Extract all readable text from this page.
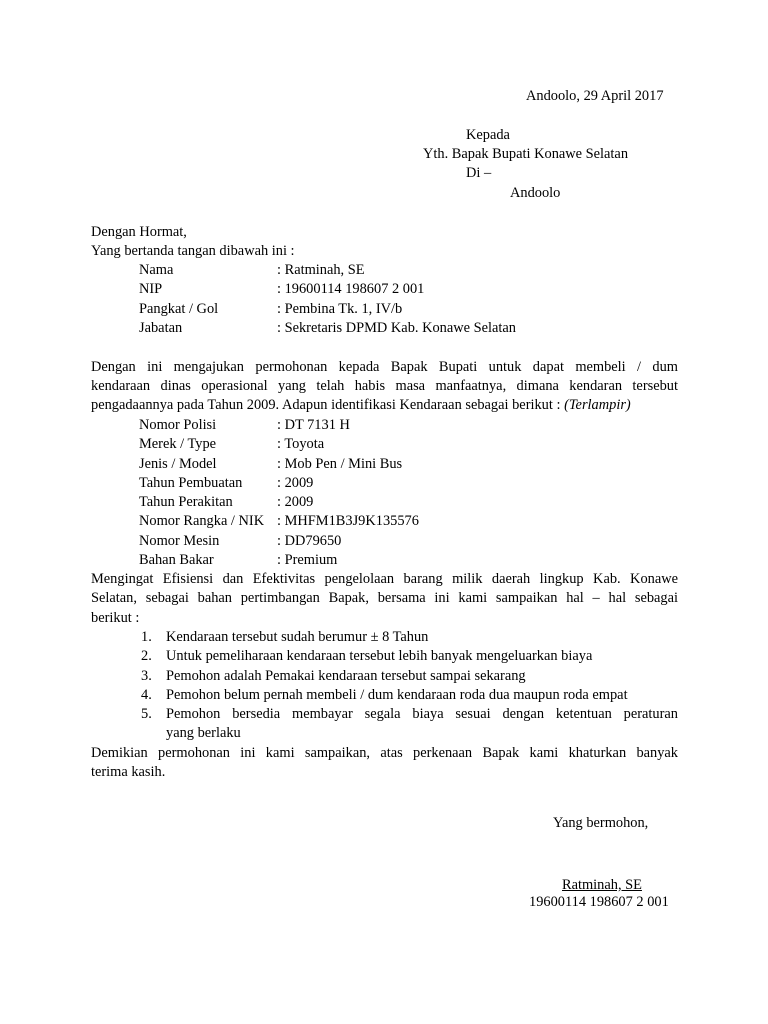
Andoolo, 29 April 2017
Kepada
Yth. Bapak Bupati Konawe Selatan
Di –
Andoolo
Dengan Hormat,
Yang bertanda tangan dibawah ini :
Nama	: Ratminah, SE
NIP	: 19600114 198607 2 001
Pangkat / Gol	: Pembina Tk. 1, IV/b
Jabatan	: Sekretaris DPMD Kab. Konawe Selatan
Dengan ini mengajukan permohonan kepada Bapak Bupati untuk dapat membeli / dum
kendaraan dinas operasional yang telah habis masa manfaatnya, dimana kendaran tersebut
pengadaannya pada Tahun 2009. Adapun identifikasi Kendaraan sebagai berikut : (Terlampir)
Nomor Polisi	: DT 7131 H
Merek / Type	: Toyota
Jenis / Model	: Mob Pen / Mini Bus
Tahun Pembuatan : 2009
Tahun Perakitan	: 2009
Nomor Rangka / NIK : MHFM1B3J9K135576
Nomor Mesin	: DD79650
Bahan Bakar	: Premium
Mengingat Efisiensi dan Efektivitas pengelolaan barang milik daerah lingkup Kab. Konawe
Selatan, sebagai bahan pertimbangan Bapak, bersama ini kami sampaikan hal – hal sebagai
berikut :
1. Kendaraan tersebut sudah berumur ± 8 Tahun
2. Untuk pemeliharaan kendaraan tersebut lebih banyak mengeluarkan biaya
3. Pemohon adalah Pemakai kendaraan tersebut sampai sekarang
4. Pemohon belum pernah membeli / dum kendaraan roda dua maupun roda empat
5. Pemohon bersedia membayar segala biaya sesuai dengan ketentuan peraturan
yang berlaku
Demikian permohonan ini kami sampaikan, atas perkenaan Bapak kami khaturkan banyak
terima kasih.
Yang bermohon,
Ratminah, SE
19600114 198607 2 001
